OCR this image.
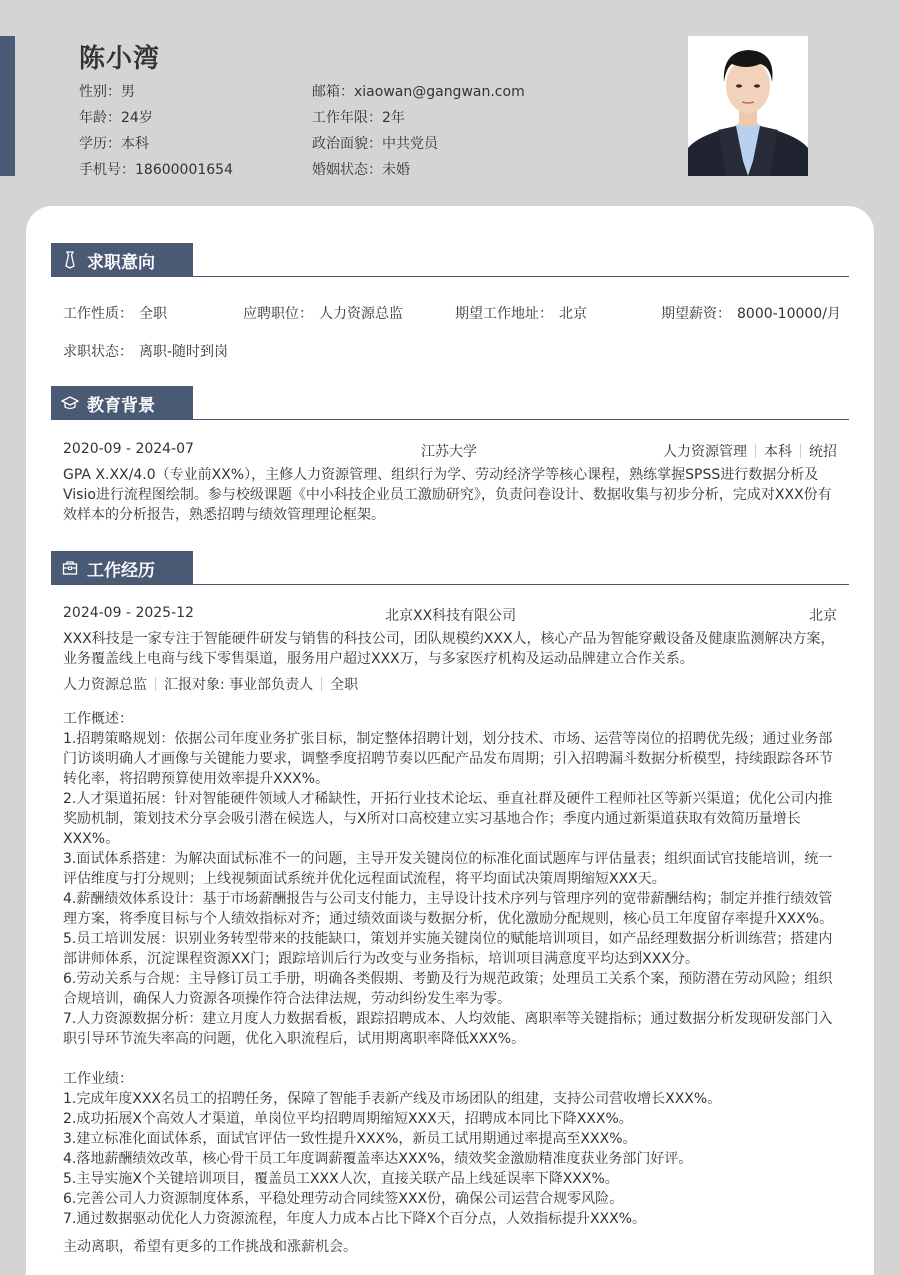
陈小湾
性别：男
年龄：24岁
学历：本科
手机号：18600001654
邮箱：xiaowan@gangwan.com
工作年限：2年
政治面貌：中共党员
婚姻状态：未婚
求职意向
工作性质： 全职	应聘职位： 人力资源总监	期望工作地址： 北京	期望薪资： 8000-10000/月
求职状态： 离职-随时到岗
教育背景
2020-09 - 2024-07	江苏大学	人力资源管理 本科 统招
GPA X.XX/4.0（专业前XX%），主修人力资源管理、组织行为学、劳动经济学等核心课程，熟练掌握SPSS进行数据分析及Visio进行流程图绘制。参与校级课题《中小科技企业员工激励研究》，负责问卷设计、数据收集与初步分析，完成对XXX份有效样本的分析报告，熟悉招聘与绩效管理理论框架。
工作经历
2024-09 - 2025-12	北京XX科技有限公司	北京
XXX科技是一家专注于智能硬件研发与销售的科技公司，团队规模约XXX人，核心产品为智能穿戴设备及健康监测解决方案，业务覆盖线上电商与线下零售渠道，服务用户超过XXX万，与多家医疗机构及运动品牌建立合作关系。
人力资源总监 汇报对象: 事业部负责人 全职
工作概述：
1.招聘策略规划：依据公司年度业务扩张目标，制定整体招聘计划，划分技术、市场、运营等岗位的招聘优先级；通过业务部门访谈明确人才画像与关键能力要求，调整季度招聘节奏以匹配产品发布周期；引入招聘漏斗数据分析模型，持续跟踪各环节转化率，将招聘预算使用效率提升XXX%。
2.人才渠道拓展：针对智能硬件领域人才稀缺性，开拓行业技术论坛、垂直社群及硬件工程师社区等新兴渠道；优化公司内推奖励机制，策划技术分享会吸引潜在候选人，与X所对口高校建立实习基地合作；季度内通过新渠道获取有效简历量增长XXX%。
3.面试体系搭建：为解决面试标准不一的问题，主导开发关键岗位的标准化面试题库与评估量表；组织面试官技能培训，统一评估维度与打分规则；上线视频面试系统并优化远程面试流程，将平均面试决策周期缩短XXX天。
4.薪酬绩效体系设计：基于市场薪酬报告与公司支付能力，主导设计技术序列与管理序列的宽带薪酬结构；制定并推行绩效管理方案，将季度目标与个人绩效指标对齐；通过绩效面谈与数据分析，优化激励分配规则，核心员工年度留存率提升XXX%。
5.员工培训发展：识别业务转型带来的技能缺口，策划并实施关键岗位的赋能培训项目，如产品经理数据分析训练营；搭建内部讲师体系，沉淀课程资源XX门；跟踪培训后行为改变与业务指标，培训项目满意度平均达到XXX分。
6.劳动关系与合规：主导修订员工手册，明确各类假期、考勤及行为规范政策；处理员工关系个案，预防潜在劳动风险；组织合规培训，确保人力资源各项操作符合法律法规，劳动纠纷发生率为零。
7.人力资源数据分析：建立月度人力数据看板，跟踪招聘成本、人均效能、离职率等关键指标；通过数据分析发现研发部门入职引导环节流失率高的问题，优化入职流程后，试用期离职率降低XXX%。
工作业绩：
1.完成年度XXX名员工的招聘任务，保障了智能手表新产线及市场团队的组建，支持公司营收增长XXX%。
2.成功拓展X个高效人才渠道，单岗位平均招聘周期缩短XXX天，招聘成本同比下降XXX%。
3.建立标准化面试体系，面试官评估一致性提升XXX%，新员工试用期通过率提高至XXX%。
4.落地薪酬绩效改革，核心骨干员工年度调薪覆盖率达XXX%，绩效奖金激励精准度获业务部门好评。
5.主导实施X个关键培训项目，覆盖员工XXX人次，直接关联产品上线延误率下降XXX%。
6.完善公司人力资源制度体系，平稳处理劳动合同续签XXX份，确保公司运营合规零风险。
7.通过数据驱动优化人力资源流程，年度人力成本占比下降X个百分点，人效指标提升XXX%。
主动离职，希望有更多的工作挑战和涨薪机会。
